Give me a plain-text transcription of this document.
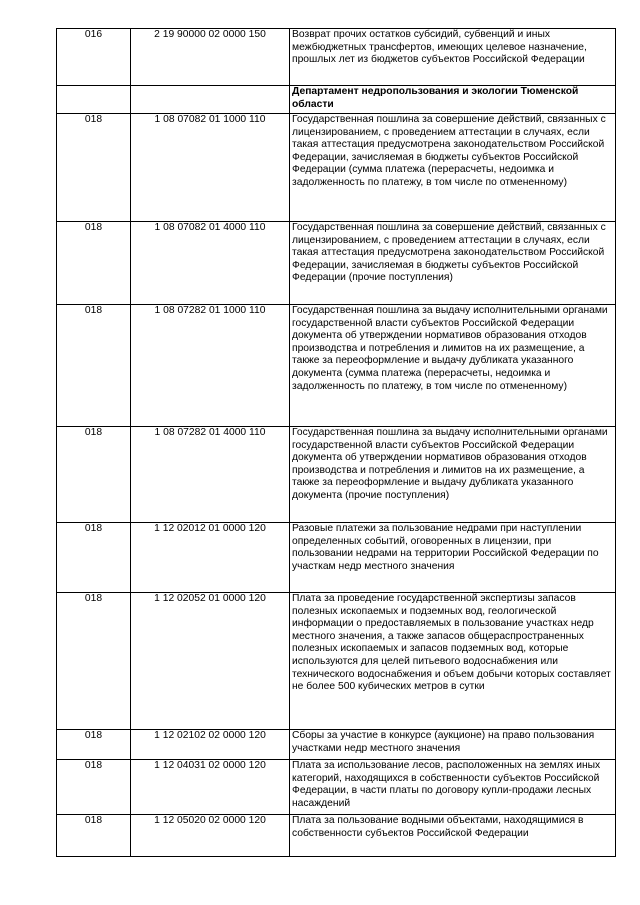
016	2 19 90000 02 0000 150	Возврат прочих остатков субсидий, субвенций и иных межбюджетных трансфертов, имеющих целевое назначение, прошлых лет из бюджетов субъектов Российской Федерации
		Департамент недропользования и экологии Тюменской области
018	1 08 07082 01 1000 110	Государственная пошлина за совершение действий, связанных с лицензированием, с проведением аттестации в случаях, если такая аттестация предусмотрена законодательством Российской Федерации, зачисляемая в бюджеты субъектов Российской Федерации (сумма платежа (перерасчеты, недоимка и задолженность по платежу, в том числе по отмененному)
018	1 08 07082 01 4000 110	Государственная пошлина за совершение действий, связанных с лицензированием, с проведением аттестации в случаях, если такая аттестация предусмотрена законодательством Российской Федерации, зачисляемая в бюджеты субъектов Российской Федерации (прочие поступления)
018	1 08 07282 01 1000 110	Государственная пошлина за выдачу исполнительными органами государственной власти субъектов Российской Федерации документа об утверждении нормативов образования отходов производства и потребления и лимитов на их размещение, а также за переоформление и выдачу дубликата указанного документа (сумма платежа (перерасчеты, недоимка и задолженность по платежу, в том числе по отмененному)
018	1 08 07282 01 4000 110	Государственная пошлина за выдачу исполнительными органами государственной власти субъектов Российской Федерации документа об утверждении нормативов образования отходов производства и потребления и лимитов на их размещение, а также за переоформление и выдачу дубликата указанного документа (прочие поступления)
018	1 12 02012 01 0000 120	Разовые платежи за пользование недрами при наступлении определенных событий, оговоренных в лицензии, при пользовании недрами на территории Российской Федерации по участкам недр местного значения
018	1 12 02052 01 0000 120	Плата за проведение государственной экспертизы запасов полезных ископаемых и подземных вод, геологической информации о предоставляемых в пользование участках недр местного значения, а также запасов общераспространенных полезных ископаемых и запасов подземных вод, которые используются для целей питьевого водоснабжения или технического водоснабжения и объем добычи которых составляет не более 500 кубических метров в сутки
018	1 12 02102 02 0000 120	Сборы за участие в конкурсе (аукционе) на право пользования участками недр местного значения
018	1 12 04031 02 0000 120	Плата за использование лесов, расположенных на землях иных категорий, находящихся в собственности субъектов Российской Федерации, в части платы по договору купли-продажи лесных насаждений
018	1 12 05020 02 0000 120	Плата за пользование водными объектами, находящимися в собственности субъектов Российской Федерации
